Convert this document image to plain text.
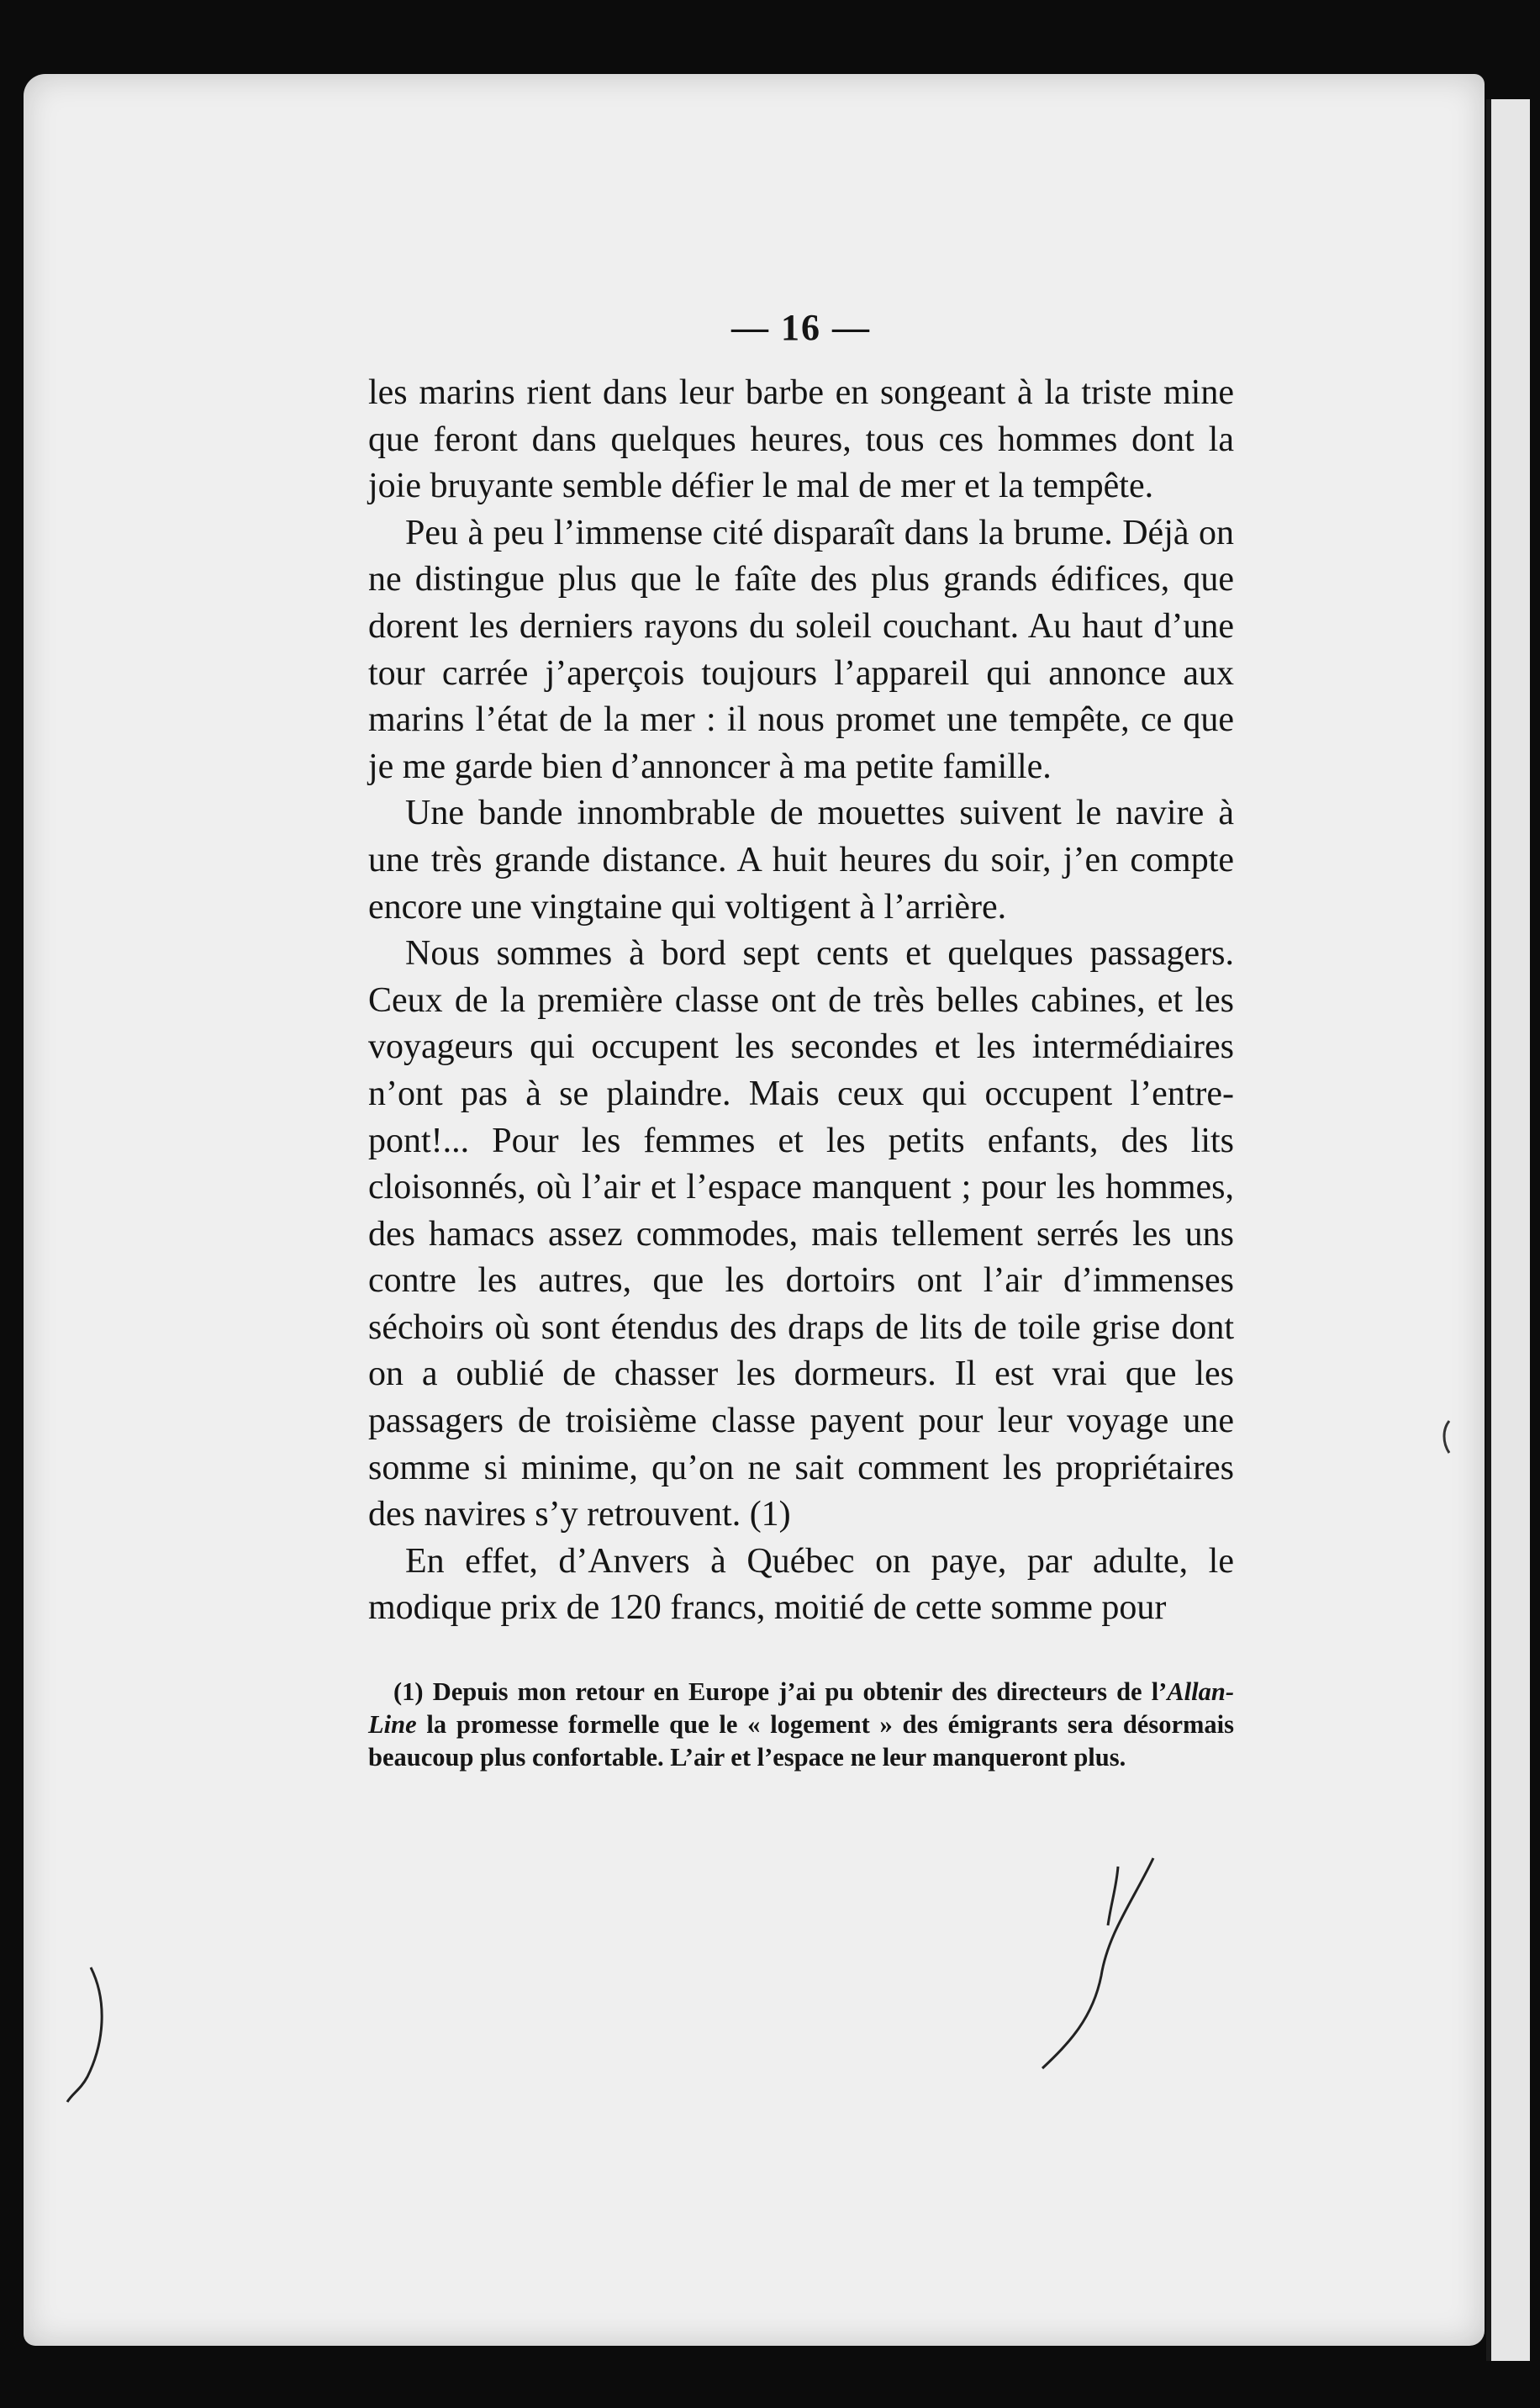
— 16 —

les marins rient dans leur barbe en songeant à la triste mine que feront dans quelques heures, tous ces hommes dont la joie bruyante semble défier le mal de mer et la tempête.

Peu à peu l’immense cité disparaît dans la brume. Déjà on ne distingue plus que le faîte des plus grands édifices, que dorent les derniers rayons du soleil couchant. Au haut d’une tour carrée j’aperçois toujours l’appareil qui annonce aux marins l’état de la mer : il nous promet une tempête, ce que je me garde bien d’annoncer à ma petite famille.

Une bande innombrable de mouettes suivent le navire à une très grande distance. A huit heures du soir, j’en compte encore une vingtaine qui voltigent à l’arrière.

Nous sommes à bord sept cents et quelques passagers. Ceux de la première classe ont de très belles cabines, et les voyageurs qui occupent les secondes et les intermédiaires n’ont pas à se plaindre. Mais ceux qui occupent l’entre-pont!... Pour les femmes et les petits enfants, des lits cloisonnés, où l’air et l’espace manquent ; pour les hommes, des hamacs assez commodes, mais tellement serrés les uns contre les autres, que les dortoirs ont l’air d’immenses séchoirs où sont étendus des draps de lits de toile grise dont on a oublié de chasser les dormeurs. Il est vrai que les passagers de troisième classe payent pour leur voyage une somme si minime, qu’on ne sait comment les propriétaires des navires s’y retrouvent. (1)

En effet, d’Anvers à Québec on paye, par adulte, le modique prix de 120 francs, moitié de cette somme pour

(1) Depuis mon retour en Europe j’ai pu obtenir des directeurs de l’Allan-Line la promesse formelle que le « logement » des émigrants sera désormais beaucoup plus confortable. L’air et l’espace ne leur manqueront plus.
